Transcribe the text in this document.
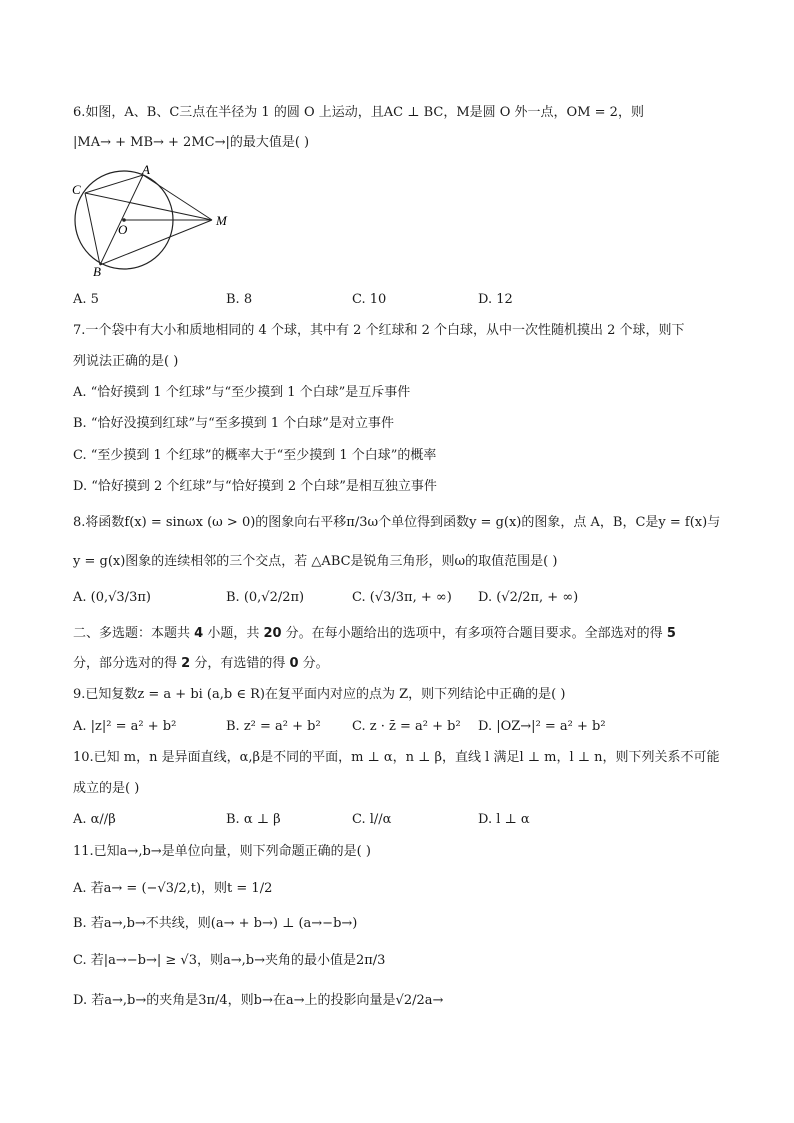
6.如图，A、B、C三点在半径为 1 的圆 O 上运动，且AC ⊥ BC，M是圆 O 外一点，OM = 2，则
|MA→ + MB→ + 2MC→|的最大值是( )
A
C
O
M
B
A. 5	B. 8	C. 10	D. 12
7.一个袋中有大小和质地相同的 4 个球，其中有 2 个红球和 2 个白球，从中一次性随机摸出 2 个球，则下
列说法正确的是( )
A. “恰好摸到 1 个红球”与“至少摸到 1 个白球”是互斥事件
B. “恰好没摸到红球”与“至多摸到 1 个白球”是对立事件
C. “至少摸到 1 个红球”的概率大于“至少摸到 1 个白球”的概率
D. “恰好摸到 2 个红球”与“恰好摸到 2 个白球”是相互独立事件
8.将函数f(x) = sinωx (ω > 0)的图象向右平移π/3ω个单位得到函数y = g(x)的图象，点 A，B，C是y = f(x)与
y = g(x)图象的连续相邻的三个交点，若 △ABC是锐角三角形，则ω的取值范围是( )
A. (0,√3/3π)	B. (0,√2/2π)	C. (√3/3π, + ∞) D. (√2/2π, + ∞)
二、多选题：本题共 4 小题，共 20 分。在每小题给出的选项中，有多项符合题目要求。全部选对的得 5
分，部分选对的得 2 分，有选错的得 0 分。
9.已知复数z = a + bi (a,b ∈ R)在复平面内对应的点为 Z，则下列结论中正确的是( )
A. |z|² = a² + b²	B. z² = a² + b² C. z · z̄ = a² + b² D. |OZ→|² = a² + b²
10.已知 m，n 是异面直线，α,β是不同的平面，m ⊥ α，n ⊥ β，直线 l 满足l ⊥ m，l ⊥ n，则下列关系不可能
成立的是( )
A. α//β	B. α ⊥ β	C. l//α	D. l ⊥ α
11.已知a→,b→是单位向量，则下列命题正确的是( )
A. 若a→ = (−√3/2,t)，则t = 1/2
B. 若a→,b→不共线，则(a→ + b→) ⊥ (a→−b→)
C. 若|a→−b→| ≥ √3，则a→,b→夹角的最小值是2π/3
D. 若a→,b→的夹角是3π/4，则b→在a→上的投影向量是√2/2a→
